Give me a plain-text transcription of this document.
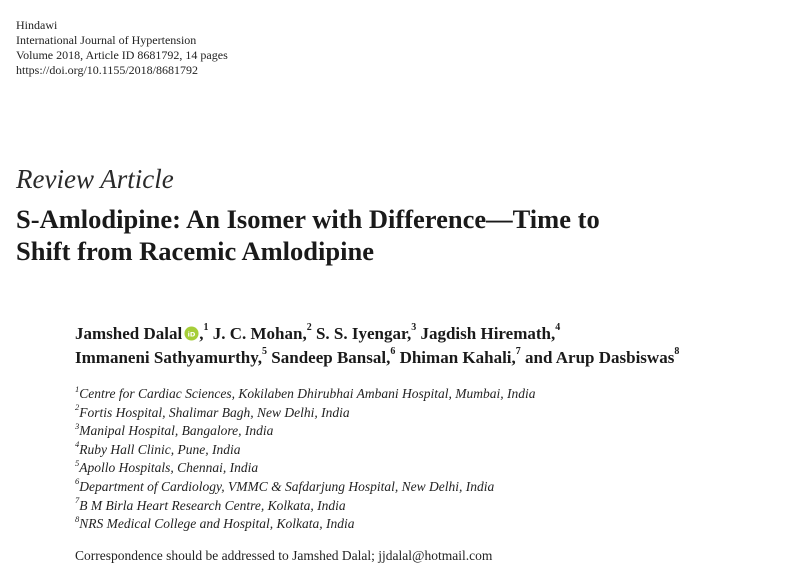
Hindawi
International Journal of Hypertension
Volume 2018, Article ID 8681792, 14 pages
https://doi.org/10.1155/2018/8681792
Review Article
S-Amlodipine: An Isomer with Difference—Time to
Shift from Racemic Amlodipine
Jamshed Dalal iD ,$^1$ J. C. Mohan,$^2$ S. S. Iyengar,$^3$ Jagdish Hiremath,$^4$
Immaneni Sathyamurthy,$^5$ Sandeep Bansal,$^6$ Dhiman Kahali,$^7$ and Arup Dasbiswas$^8$
$^1$Centre for Cardiac Sciences, Kokilaben Dhirubhai Ambani Hospital, Mumbai, India
$^2$Fortis Hospital, Shalimar Bagh, New Delhi, India
$^3$Manipal Hospital, Bangalore, India
$^4$Ruby Hall Clinic, Pune, India
$^5$Apollo Hospitals, Chennai, India
$^6$Department of Cardiology, VMMC & Safdarjung Hospital, New Delhi, India
$^7$B M Birla Heart Research Centre, Kolkata, India
$^8$NRS Medical College and Hospital, Kolkata, India
Correspondence should be addressed to Jamshed Dalal; jjdalal@hotmail.com
